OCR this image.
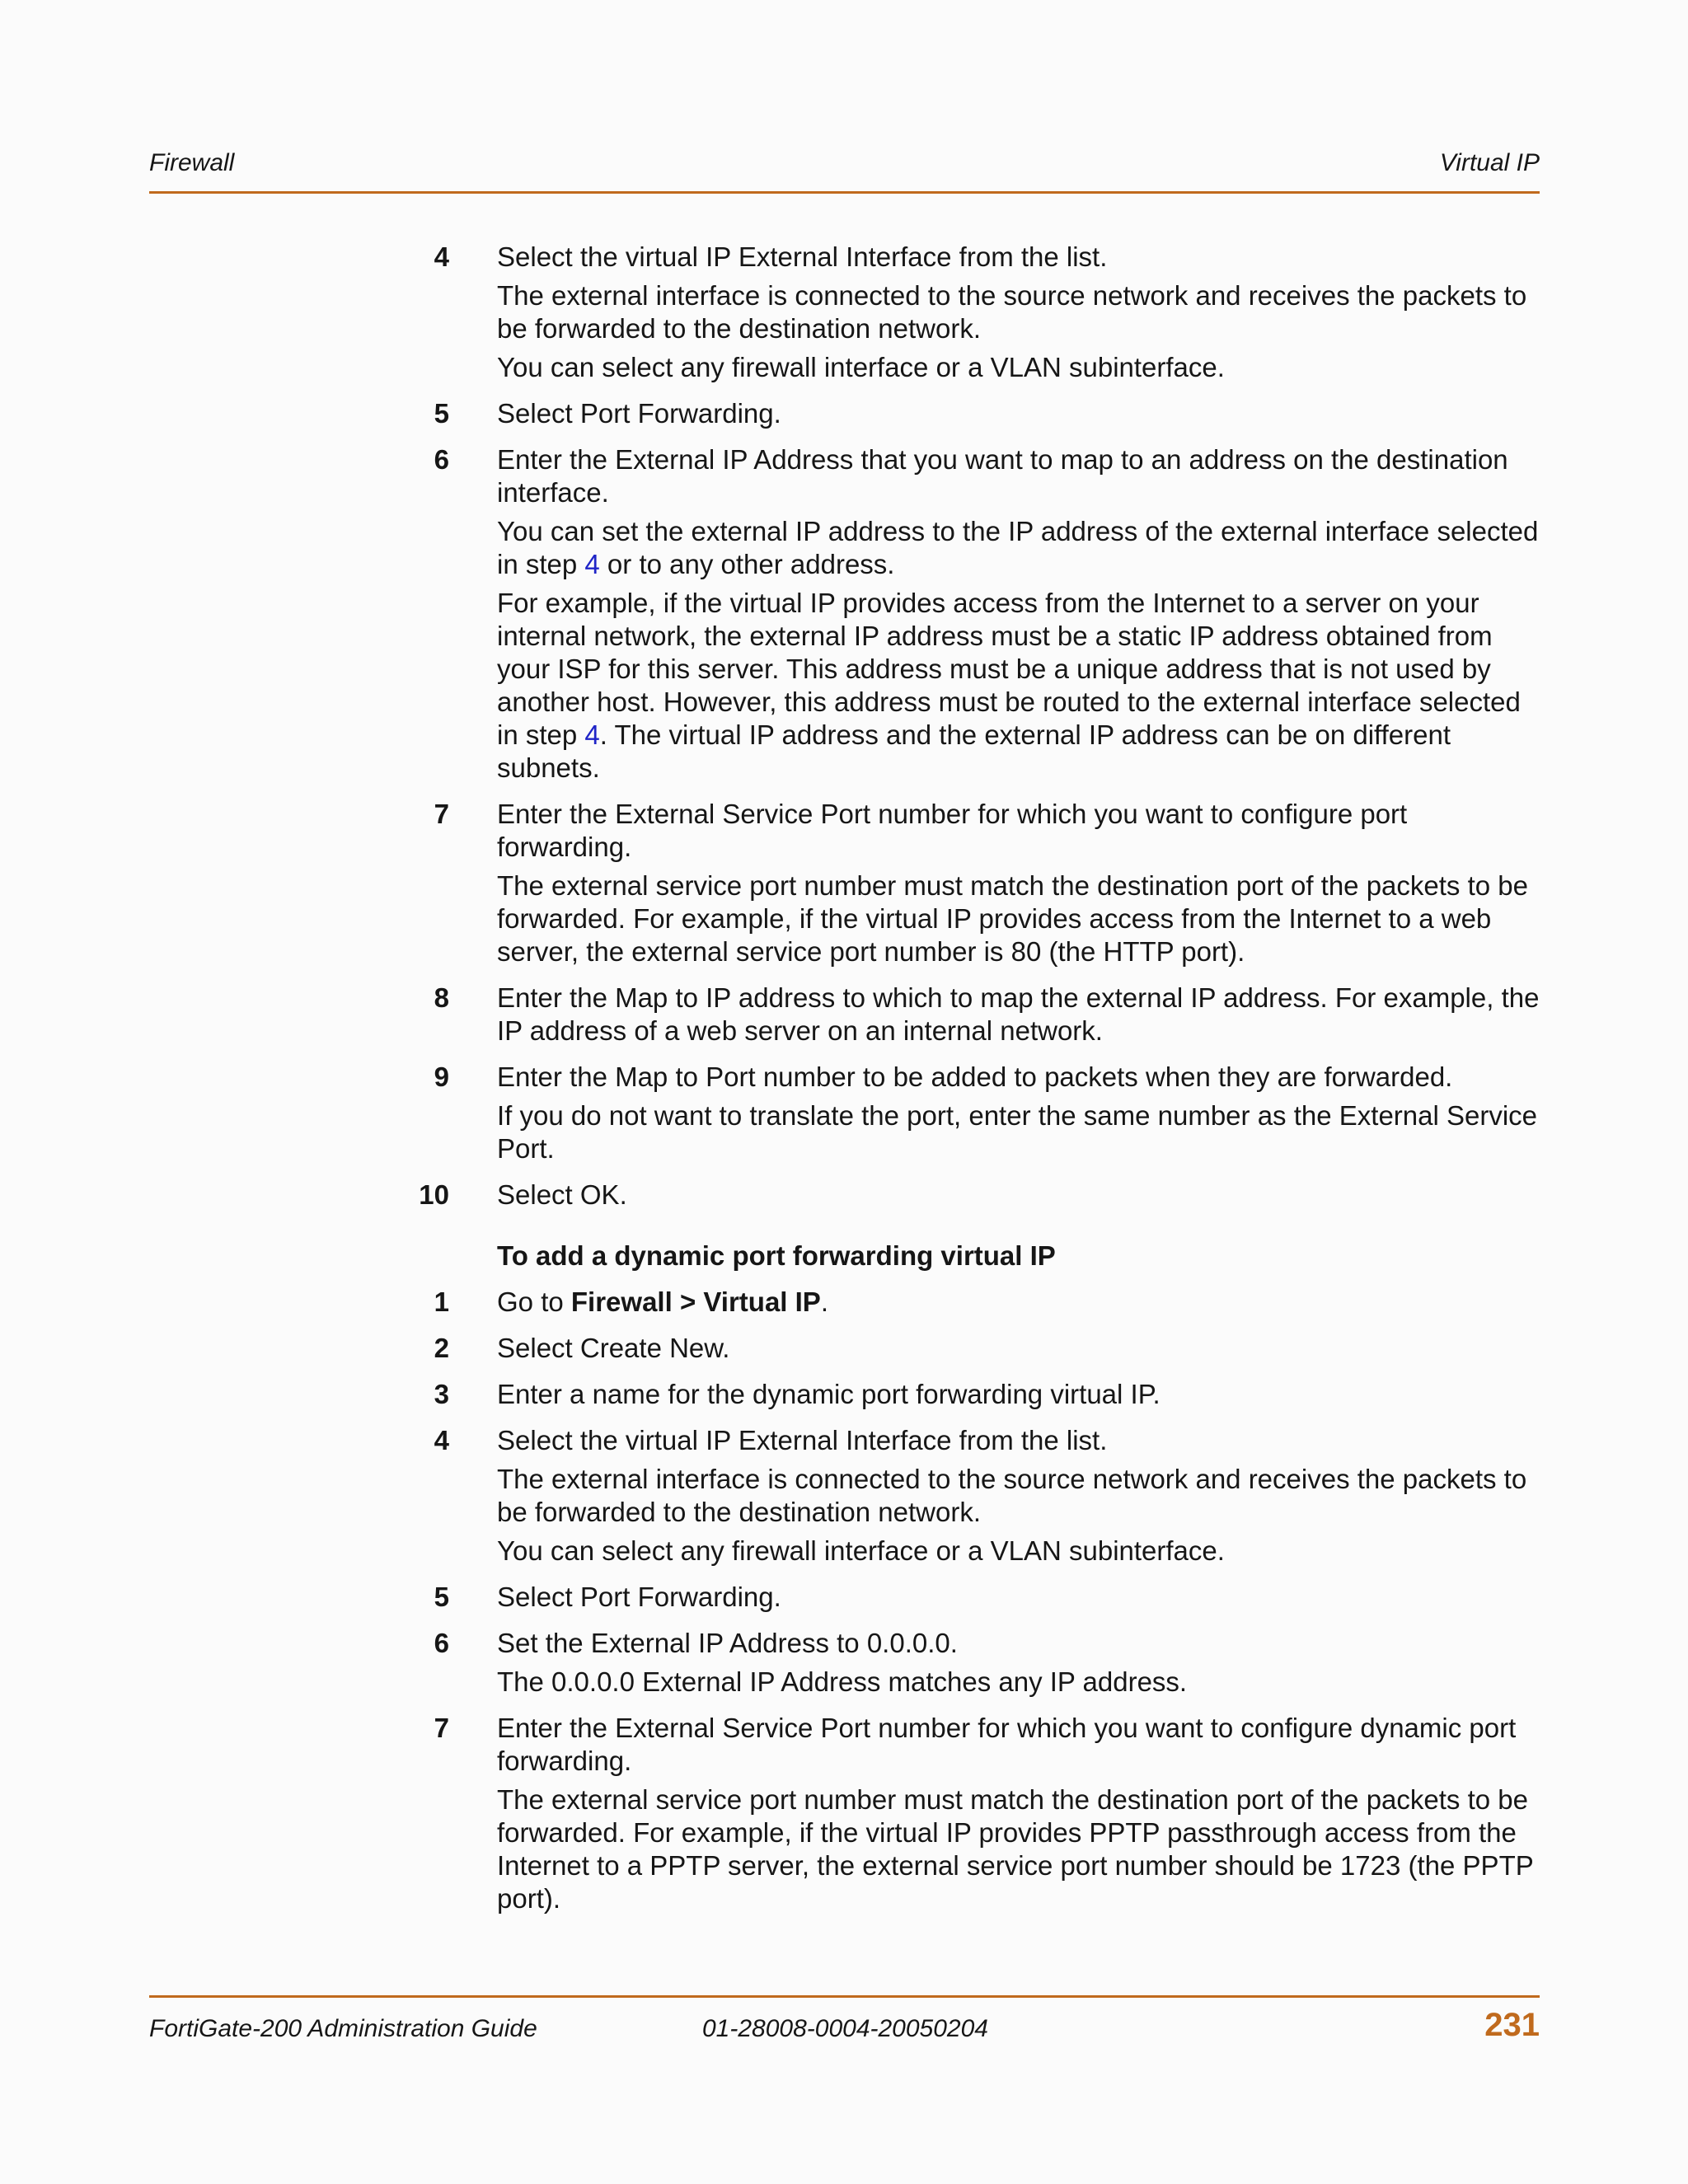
Firewall	Virtual IP
4 Select the virtual IP External Interface from the list.

The external interface is connected to the source network and receives the packets to be forwarded to the destination network.

You can select any firewall interface or a VLAN subinterface.

5 Select Port Forwarding.

6 Enter the External IP Address that you want to map to an address on the destination interface.

You can set the external IP address to the IP address of the external interface selected in step 4 or to any other address.

For example, if the virtual IP provides access from the Internet to a server on your internal network, the external IP address must be a static IP address obtained from your ISP for this server. This address must be a unique address that is not used by another host. However, this address must be routed to the external interface selected in step 4. The virtual IP address and the external IP address can be on different subnets.

7 Enter the External Service Port number for which you want to configure port forwarding.

The external service port number must match the destination port of the packets to be forwarded. For example, if the virtual IP provides access from the Internet to a web server, the external service port number is 80 (the HTTP port).

8 Enter the Map to IP address to which to map the external IP address. For example, the IP address of a web server on an internal network.

9 Enter the Map to Port number to be added to packets when they are forwarded.

If you do not want to translate the port, enter the same number as the External Service Port.

10 Select OK.

To add a dynamic port forwarding virtual IP
1 Go to Firewall > Virtual IP.

2 Select Create New.

3 Enter a name for the dynamic port forwarding virtual IP.

4 Select the virtual IP External Interface from the list.

The external interface is connected to the source network and receives the packets to be forwarded to the destination network.

You can select any firewall interface or a VLAN subinterface.

5 Select Port Forwarding.

6 Set the External IP Address to 0.0.0.0.

The 0.0.0.0 External IP Address matches any IP address.

7 Enter the External Service Port number for which you want to configure dynamic port forwarding.

The external service port number must match the destination port of the packets to be forwarded. For example, if the virtual IP provides PPTP passthrough access from the Internet to a PPTP server, the external service port number should be 1723 (the PPTP port).

FortiGate-200 Administration Guide	01-28008-0004-20050204	231
